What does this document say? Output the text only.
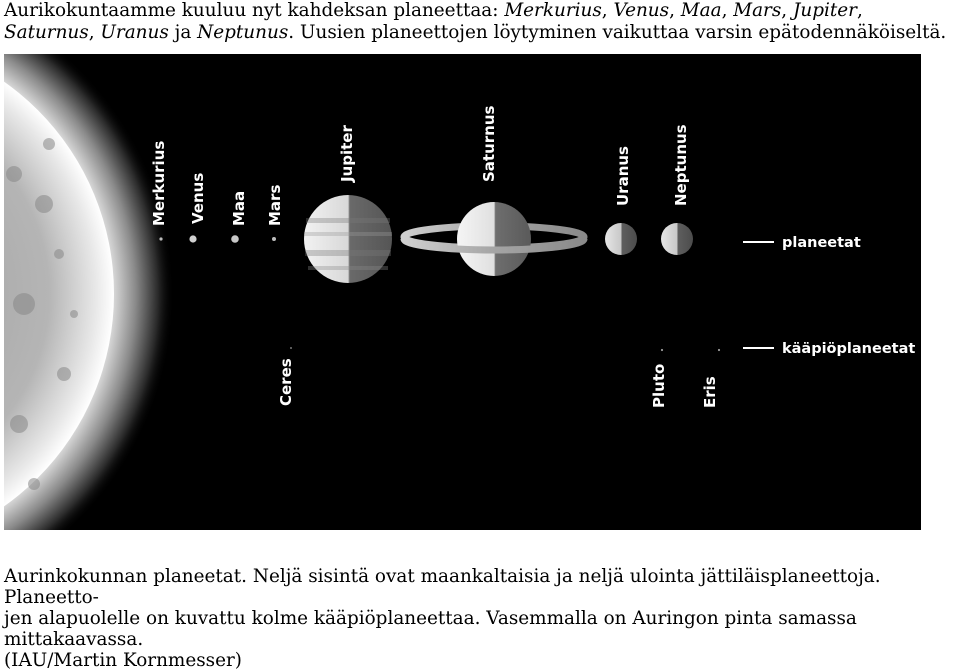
Aurikokuntaamme kuuluu nyt kahdeksan planeettaa: Merkurius, Venus, Maa, Mars, Jupiter, Saturnus, Uranus ja Neptunus. Uusien planeettojen löytyminen vaikuttaa varsin epätodennäköiseltä.
Merkurius Venus Maa Mars
Jupiter	Saturnus	Uranus	Neptunus
Ceres	Pluto Eris
planeetat
kääpiöplaneetat
Aurinkokunnan planeetat. Neljä sisintä ovat maankaltaisia ja neljä ulointa jättiläisplaneettoja. Planeetto-
jen alapuolelle on kuvattu kolme kääpiöplaneettaa. Vasemmalla on Auringon pinta samassa mittakaavassa.
(IAU/Martin Kornmesser)
